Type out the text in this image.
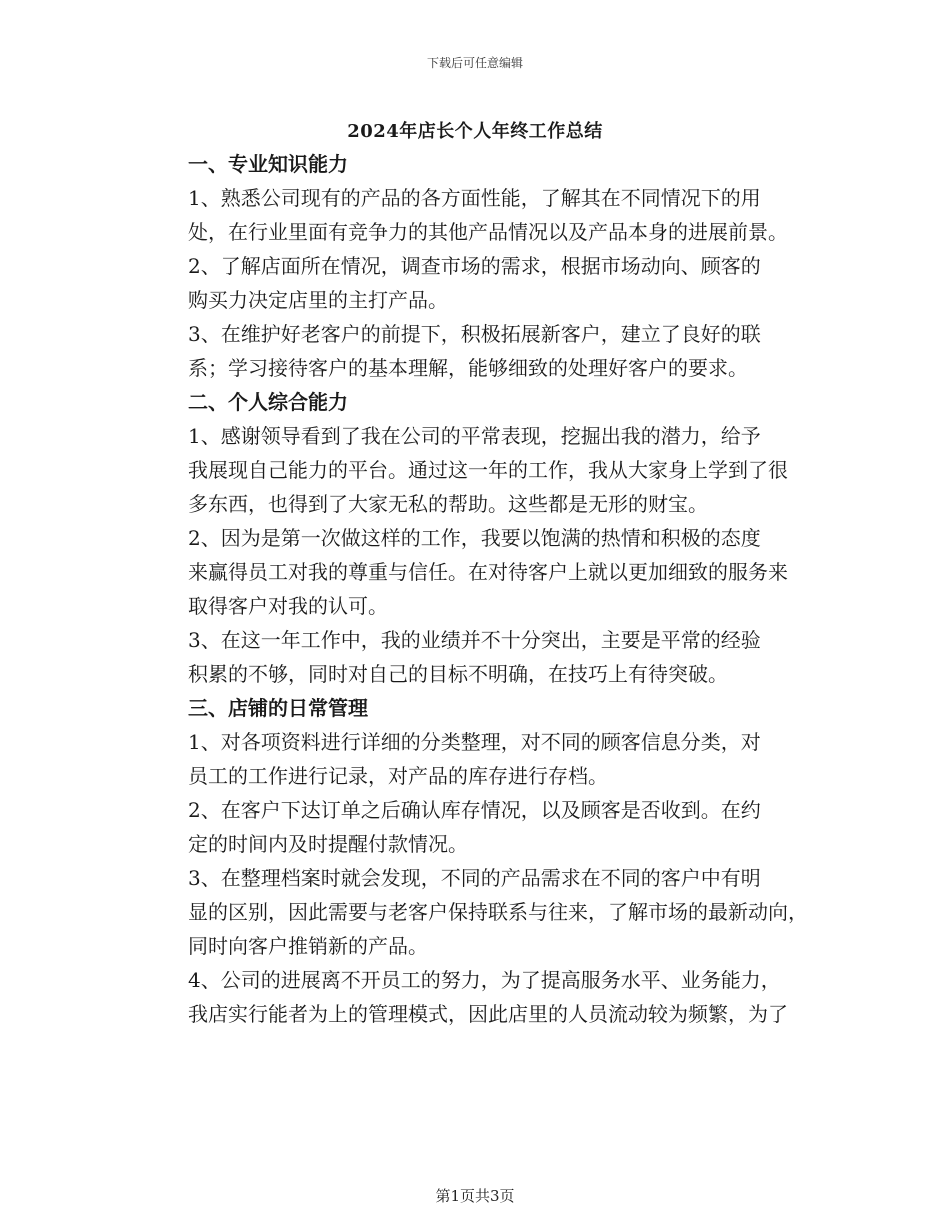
下载后可任意编辑
2024年店长个人年终工作总结

一、专业知识能力

1、熟悉公司现有的产品的各方面性能，了解其在不同情况下的用
处，在行业里面有竞争力的其他产品情况以及产品本身的进展前景。

2、了解店面所在情况，调查市场的需求，根据市场动向、顾客的
购买力决定店里的主打产品。

3、在维护好老客户的前提下，积极拓展新客户，建立了良好的联
系；学习接待客户的基本理解，能够细致的处理好客户的要求。

二、个人综合能力

1、感谢领导看到了我在公司的平常表现，挖掘出我的潜力，给予
我展现自己能力的平台。通过这一年的工作，我从大家身上学到了很
多东西，也得到了大家无私的帮助。这些都是无形的财宝。

2、因为是第一次做这样的工作，我要以饱满的热情和积极的态度
来赢得员工对我的尊重与信任。在对待客户上就以更加细致的服务来
取得客户对我的认可。

3、在这一年工作中，我的业绩并不十分突出，主要是平常的经验
积累的不够，同时对自己的目标不明确，在技巧上有待突破。

三、店铺的日常管理

1、对各项资料进行详细的分类整理，对不同的顾客信息分类，对
员工的工作进行记录，对产品的库存进行存档。

2、在客户下达订单之后确认库存情况，以及顾客是否收到。在约
定的时间内及时提醒付款情况。

3、在整理档案时就会发现，不同的产品需求在不同的客户中有明
显的区别，因此需要与老客户保持联系与往来，了解市场的最新动向，
同时向客户推销新的产品。

4、公司的进展离不开员工的努力，为了提高服务水平、业务能力，
我店实行能者为上的管理模式，因此店里的人员流动较为频繁，为了

第1页共3页
